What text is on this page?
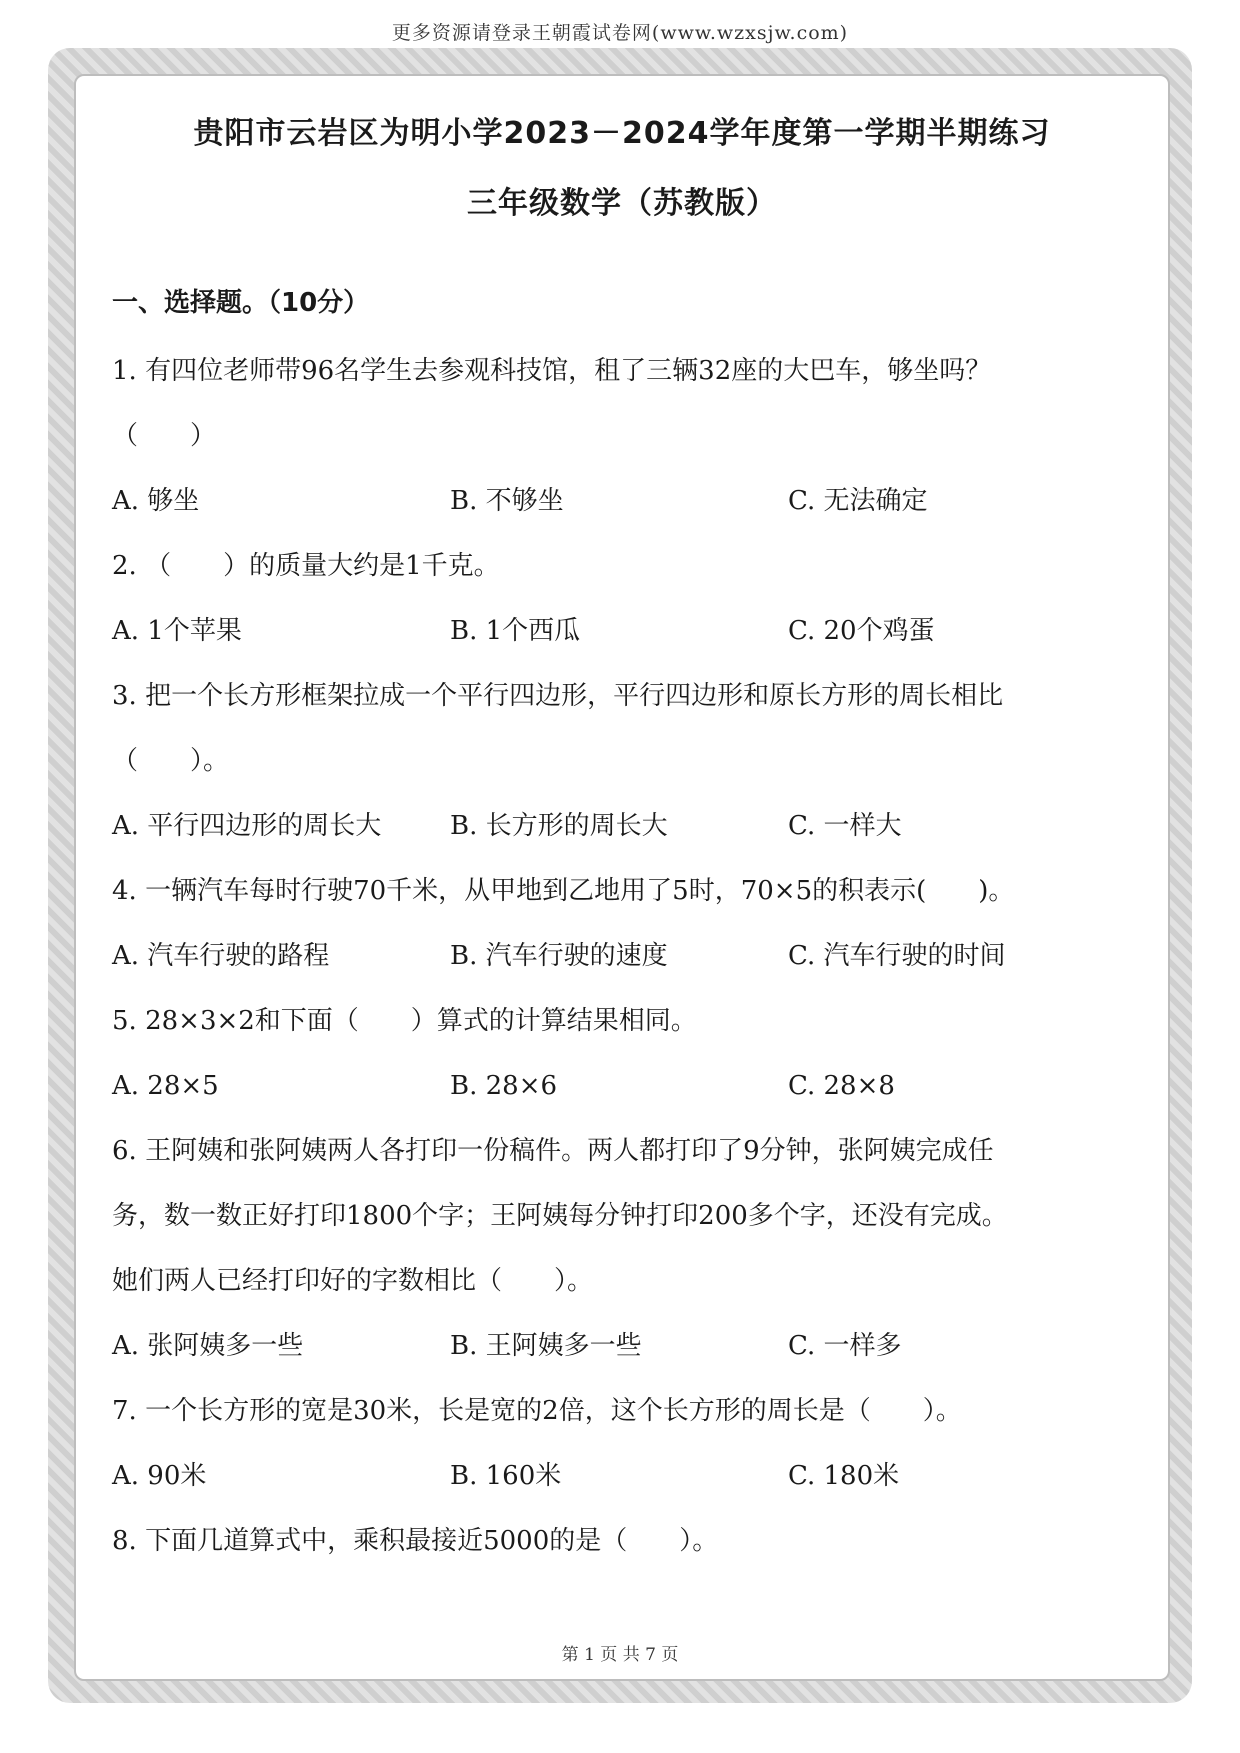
更多资源请登录王朝霞试卷网(www.wzxsjw.com)
贵阳市云岩区为明小学2023－2024学年度第一学期半期练习
三年级数学（苏教版）
一、选择题。（10分）
1. 有四位老师带96名学生去参观科技馆，租了三辆32座的大巴车，够坐吗？
（　　）
A. 够坐	B. 不够坐	C. 无法确定
2. （　　）的质量大约是1千克。
A. 1个苹果	B. 1个西瓜	C. 20个鸡蛋
3. 把一个长方形框架拉成一个平行四边形，平行四边形和原长方形的周长相比
（　　）。
A. 平行四边形的周长大	B. 长方形的周长大	C. 一样大
4. 一辆汽车每时行驶70千米，从甲地到乙地用了5时，70×5的积表示(　　)。
A. 汽车行驶的路程	B. 汽车行驶的速度	C. 汽车行驶的时间
5. 28×3×2和下面（　　）算式的计算结果相同。
A. 28×5	B. 28×6	C. 28×8
6. 王阿姨和张阿姨两人各打印一份稿件。两人都打印了9分钟，张阿姨完成任
务，数一数正好打印1800个字；王阿姨每分钟打印200多个字，还没有完成。
她们两人已经打印好的字数相比（　　）。
A. 张阿姨多一些	B. 王阿姨多一些	C. 一样多
7. 一个长方形的宽是30米，长是宽的2倍，这个长方形的周长是（　　）。
A. 90米	B. 160米	C. 180米
8. 下面几道算式中，乘积最接近5000的是（　　）。
第 1 页 共 7 页
